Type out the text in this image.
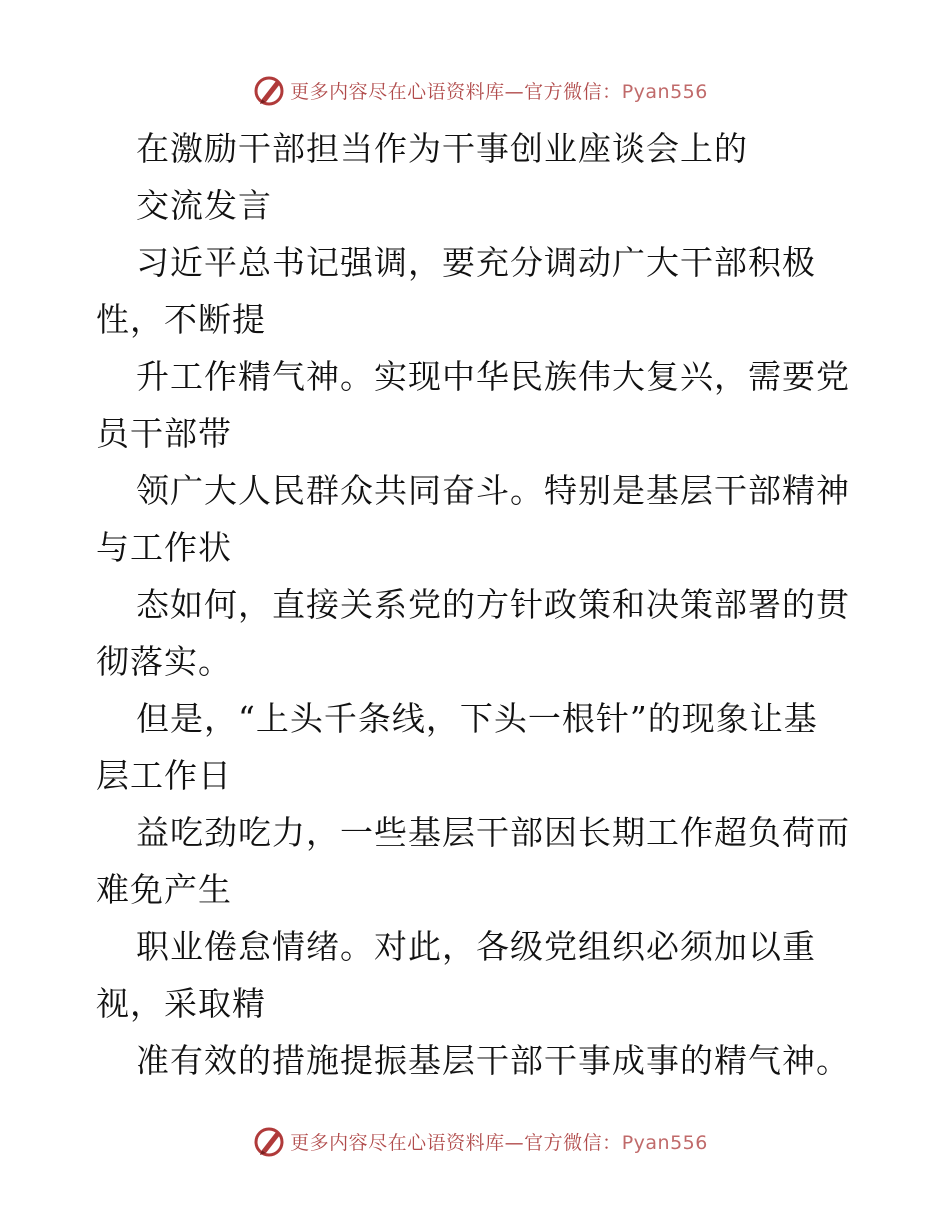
更多内容尽在心语资料库—官方微信：Pyan556
在激励干部担当作为干事创业座谈会上的
交流发言
习近平总书记强调，要充分调动广大干部积极
性，不断提
升工作精气神。实现中华民族伟大复兴，需要党
员干部带
领广大人民群众共同奋斗。特别是基层干部精神
与工作状
态如何，直接关系党的方针政策和决策部署的贯
彻落实。
但是，“上头千条线，下头一根针”的现象让基
层工作日
益吃劲吃力，一些基层干部因长期工作超负荷而
难免产生
职业倦怠情绪。对此，各级党组织必须加以重
视，采取精
准有效的措施提振基层干部干事成事的精气神。
更多内容尽在心语资料库—官方微信：Pyan556
